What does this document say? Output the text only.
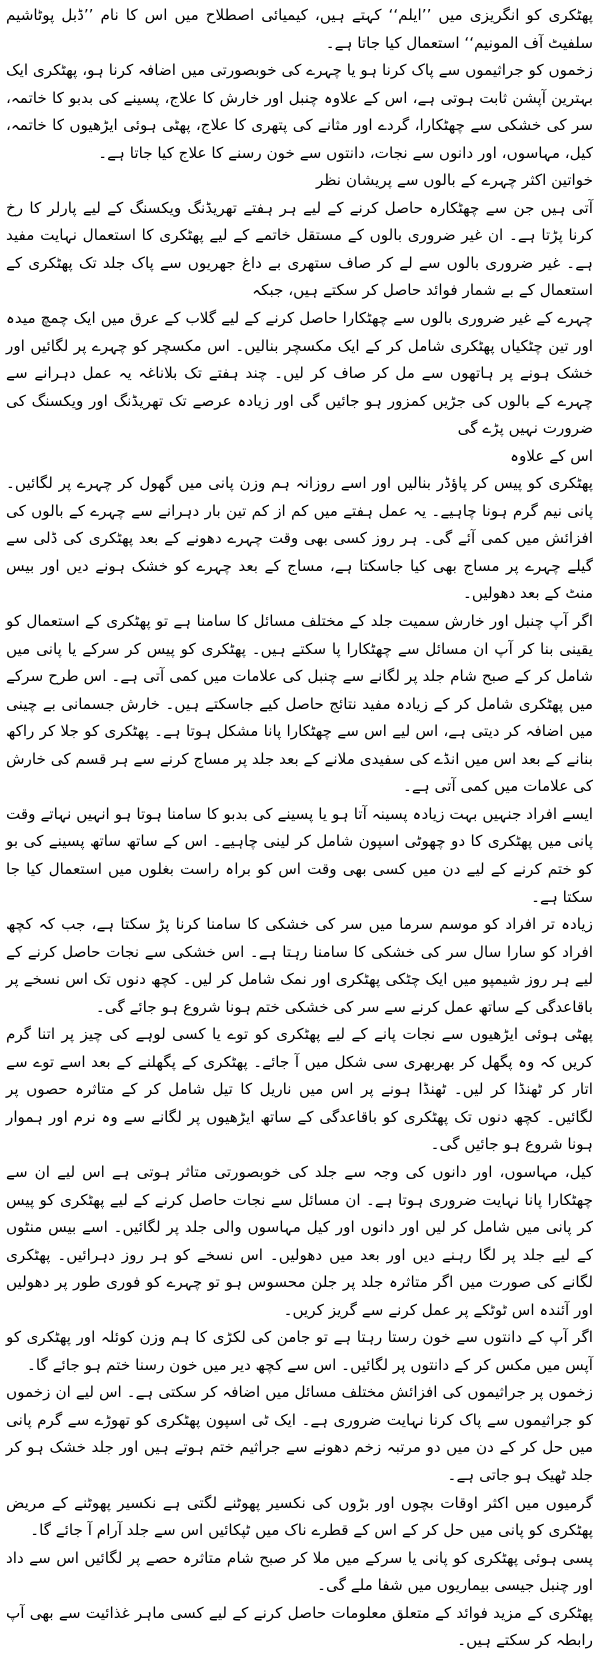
پھٹکری کو انگریزی میں ’’ایلم‘‘ کہتے ہیں، کیمیائی اصطلاح میں اس کا نام ’’ڈبل پوٹاشیم سلفیٹ آف المونیم‘‘ استعمال کیا جاتا ہے۔

زخموں کو جراثیموں سے پاک کرنا ہو یا چہرے کی خوبصورتی میں اضافہ کرنا ہو، پھٹکری ایک بہترین آپشن ثابت ہوتی ہے، اس کے علاوہ چنبل اور خارش کا علاج، پسینے کی بدبو کا خاتمہ، سر کی خشکی سے چھٹکارا، گردے اور مثانے کی پتھری کا علاج، پھٹی ہوئی ایڑھیوں کا خاتمہ، کیل، مہاسوں، اور دانوں سے نجات، دانتوں سے خون رسنے کا علاج کیا جاتا ہے۔

خواتین اکثر چہرے کے بالوں سے پریشان نظر

آتی ہیں جن سے چھٹکارہ حاصل کرنے کے لیے ہر ہفتے تھریڈنگ ویکسنگ کے لیے پارلر کا رخ کرنا پڑتا ہے۔ ان غیر ضروری بالوں کے مستقل خاتمے کے لیے پھٹکری کا استعمال نہایت مفید ہے۔ غیر ضروری بالوں سے لے کر صاف ستھری بے داغ جھریوں سے پاک جلد تک پھٹکری کے استعمال کے بے شمار فوائد حاصل کر سکتے ہیں، جبکہ

چہرے کے غیر ضروری بالوں سے چھٹکارا حاصل کرنے کے لیے گلاب کے عرق میں ایک چمچ میدہ اور تین چٹکیاں پھٹکری شامل کر کے ایک مکسچر بنالیں۔ اس مکسچر کو چہرے پر لگائیں اور خشک ہونے پر ہاتھوں سے مل کر صاف کر لیں۔ چند ہفتے تک بلاناغہ یہ عمل دہرانے سے چہرے کے بالوں کی جڑیں کمزور ہو جائیں گی اور زیادہ عرصے تک تھریڈنگ اور ویکسنگ کی ضرورت نہیں پڑے گی

اس کے علاوہ

پھٹکری کو پیس کر پاؤڈر بنالیں اور اسے روزانہ ہم وزن پانی میں گھول کر چہرے پر لگائیں۔ پانی نیم گرم ہونا چاہیے۔ یہ عمل ہفتے میں کم از کم تین بار دہرانے سے چہرے کے بالوں کی افزائش میں کمی آئے گی۔ ہر روز کسی بھی وقت چہرے دھونے کے بعد پھٹکری کی ڈلی سے گیلے چہرے پر مساج بھی کیا جاسکتا ہے، مساج کے بعد چہرے کو خشک ہونے دیں اور بیس منٹ کے بعد دھولیں۔

اگر آپ چنبل اور خارش سمیت جلد کے مختلف مسائل کا سامنا ہے تو پھٹکری کے استعمال کو یقینی بنا کر آپ ان مسائل سے چھٹکارا پا سکتے ہیں۔ پھٹکری کو پیس کر سرکے یا پانی میں شامل کر کے صبح شام جلد پر لگانے سے چنبل کی علامات میں کمی آتی ہے۔ اس طرح سرکے میں پھٹکری شامل کر کے زیادہ مفید نتائج حاصل کیے جاسکتے ہیں۔ خارش جسمانی بے چینی میں اضافہ کر دیتی ہے، اس لیے اس سے چھٹکارا پانا مشکل ہوتا ہے۔ پھٹکری کو جلا کر راکھ بنانے کے بعد اس میں انڈے کی سفیدی ملانے کے بعد جلد پر مساج کرنے سے ہر قسم کی خارش کی علامات میں کمی آتی ہے۔

ایسے افراد جنہیں بہت زیادہ پسینہ آتا ہو یا پسینے کی بدبو کا سامنا ہوتا ہو انہیں نہاتے وقت پانی میں پھٹکری کا دو چھوٹی اسپون شامل کر لینی چاہیے۔ اس کے ساتھ ساتھ پسینے کی بو کو ختم کرنے کے لیے دن میں کسی بھی وقت اس کو براہ راست بغلوں میں استعمال کیا جا سکتا ہے۔

زیادہ تر افراد کو موسم سرما میں سر کی خشکی کا سامنا کرنا پڑ سکتا ہے، جب کہ کچھ افراد کو سارا سال سر کی خشکی کا سامنا رہتا ہے۔ اس خشکی سے نجات حاصل کرنے کے لیے ہر روز شیمپو میں ایک چٹکی پھٹکری اور نمک شامل کر لیں۔ کچھ دنوں تک اس نسخے پر باقاعدگی کے ساتھ عمل کرنے سے سر کی خشکی ختم ہونا شروع ہو جائے گی۔

پھٹی ہوئی ایڑھیوں سے نجات پانے کے لیے پھٹکری کو توے یا کسی لوہے کی چیز پر اتنا گرم کریں کہ وہ پگھل کر بھربھری سی شکل میں آ جائے۔ پھٹکری کے پگھلنے کے بعد اسے توے سے اتار کر ٹھنڈا کر لیں۔ ٹھنڈا ہونے پر اس میں ناریل کا تیل شامل کر کے متاثرہ حصوں پر لگائیں۔ کچھ دنوں تک پھٹکری کو باقاعدگی کے ساتھ ایڑھیوں پر لگانے سے وہ نرم اور ہموار ہونا شروع ہو جائیں گی۔

کیل، مہاسوں، اور دانوں کی وجہ سے جلد کی خوبصورتی متاثر ہوتی ہے اس لیے ان سے چھٹکارا پانا نہایت ضروری ہوتا ہے۔ ان مسائل سے نجات حاصل کرنے کے لیے پھٹکری کو پیس کر پانی میں شامل کر لیں اور دانوں اور کیل مہاسوں والی جلد پر لگائیں۔ اسے بیس منٹوں کے لیے جلد پر لگا رہنے دیں اور بعد میں دھولیں۔ اس نسخے کو ہر روز دہرائیں۔ پھٹکری لگانے کی صورت میں اگر متاثرہ جلد پر جلن محسوس ہو تو چہرے کو فوری طور پر دھولیں اور آئندہ اس ٹوٹکے پر عمل کرنے سے گریز کریں۔

اگر آپ کے دانتوں سے خون رستا رہتا ہے تو جامن کی لکڑی کا ہم وزن کوئلہ اور پھٹکری کو آپس میں مکس کر کے دانتوں پر لگائیں۔ اس سے کچھ دیر میں خون رسنا ختم ہو جائے گا۔

زخموں پر جراثیموں کی افزائش مختلف مسائل میں اضافہ کر سکتی ہے۔ اس لیے ان زخموں کو جراثیموں سے پاک کرنا نہایت ضروری ہے۔ ایک ٹی اسپون پھٹکری کو تھوڑے سے گرم پانی میں حل کر کے دن میں دو مرتبہ زخم دھونے سے جراثیم ختم ہوتے ہیں اور جلد خشک ہو کر جلد ٹھیک ہو جاتی ہے۔

گرمیوں میں اکثر اوقات بچوں اور بڑوں کی نکسیر پھوٹنے لگتی ہے نکسیر پھوٹنے کے مریض پھٹکری کو پانی میں حل کر کے اس کے قطرے ناک میں ٹپکائیں اس سے جلد آرام آ جائے گا۔

پسی ہوئی پھٹکری کو پانی یا سرکے میں ملا کر صبح شام متاثرہ حصے پر لگائیں اس سے داد اور چنبل جیسی بیماریوں میں شفا ملے گی۔

پھٹکری کے مزید فوائد کے متعلق معلومات حاصل کرنے کے لیے کسی ماہر غذائیت سے بھی آپ رابطہ کر سکتے ہیں۔
